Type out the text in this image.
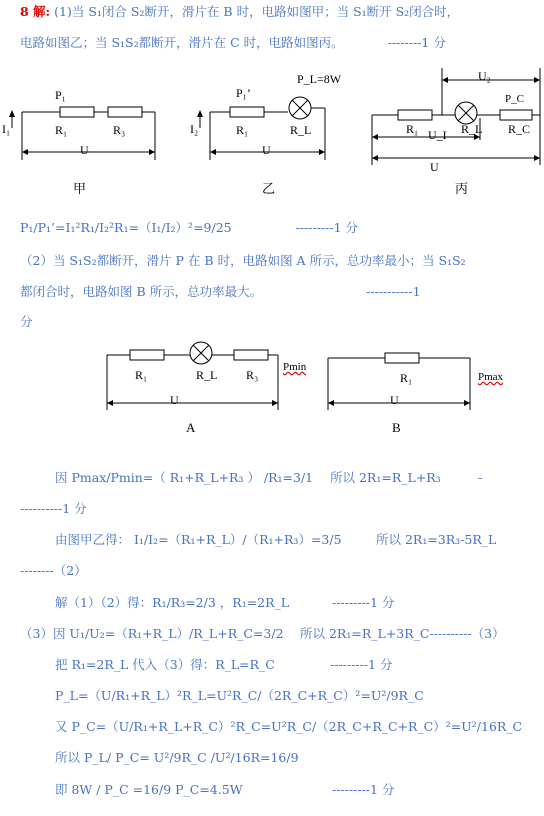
8 解: (1)当 S₁闭合 S₂断开，滑片在 B 时，电路如图甲；当 S₁断开 S₂闭合时，
电路如图乙；当 S₁S₂都断开，滑片在 C 时，电路如图丙。	--------1 分
P₁
I₁	R₁	R₃
U
甲
P₁’
P_L=8W
I₂	R₁	R_L
U
乙
U₂
P_C
R₁	R_L R_C
U_I
U
丙
P₁/P₁’=I₁²R₁/I₂²R₁=（I₁/I₂）²=9/25	---------1 分
（2）当 S₁S₂都断开，滑片 P 在 B 时，电路如图 A 所示，总功率最小；当 S₁S₂
都闭合时，电路如图 B 所示，总功率最大。	-----------1
分
R₁	R_L R₃
Pmin
U
A
R₁	Pmax
U
B
因 Pmax/Pmin=（ R₁+R_L+R₃ ） /R₁=3/1 所以 2R₁=R_L+R₃	-
----------1 分
由图甲乙得： I₁/I₂=（R₁+R_L）/（R₁+R₃）=3/5	所以 2R₁=3R₃-5R_L
--------（2）
解（1）（2）得：R₁/R₃=2/3 ，R₁=2R_L	---------1 分
（3）因 U₁/U₂=（R₁+R_L）/R_L+R_C=3/2 所以 2R₁=R_L+3R_C----------（3）
把 R₁=2R_L 代入（3）得：R_L=R_C	---------1 分
P_L=（U/R₁+R_L）²R_L=U²R_C/（2R_C+R_C）²=U²/9R_C
又 P_C=（U/R₁+R_L+R_C）²R_C=U²R_C/（2R_C+R_C+R_C）²=U²/16R_C
所以 P_L/ P_C= U²/9R_C /U²/16R=16/9
即 8W / P_C =16/9 P_C=4.5W	---------1 分
